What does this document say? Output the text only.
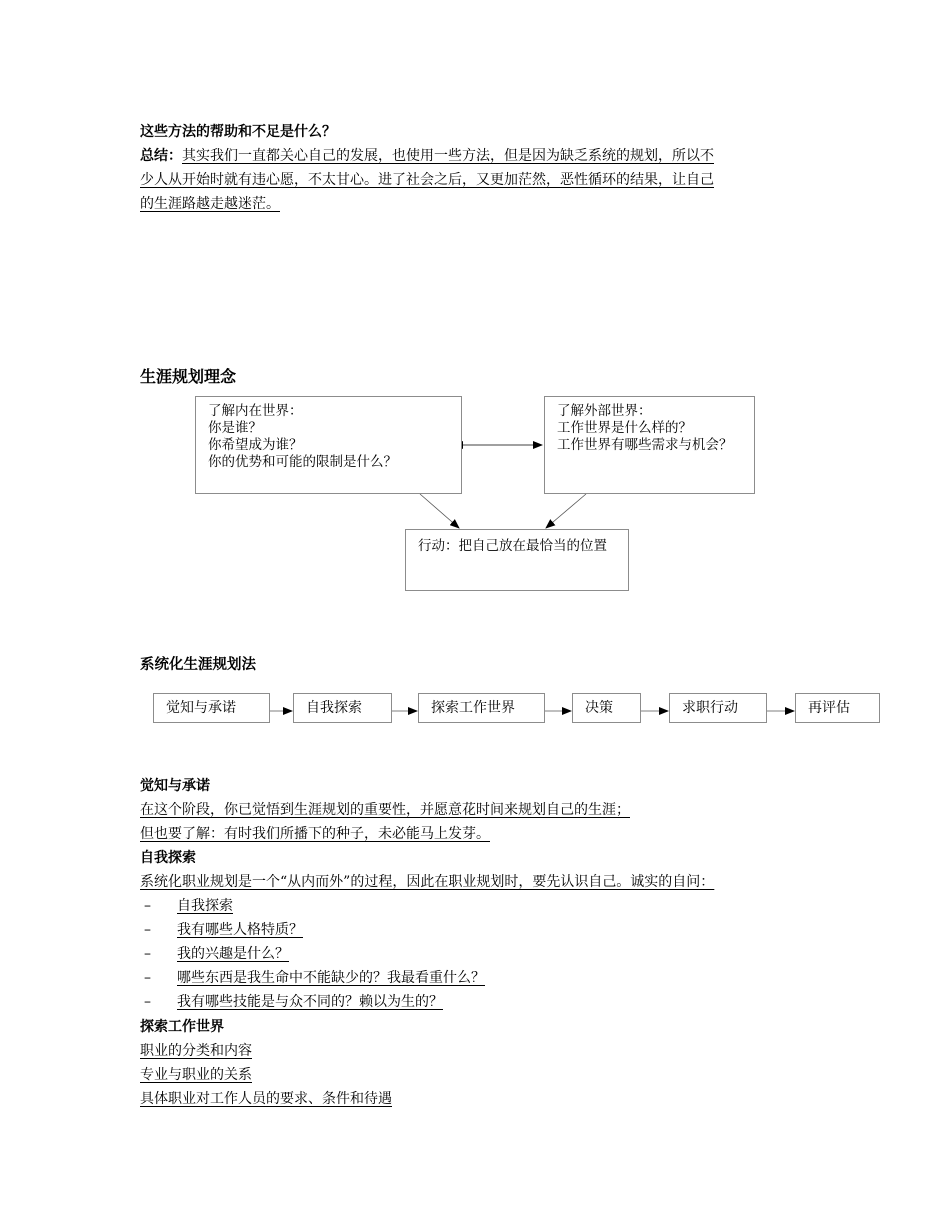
这些方法的帮助和不足是什么？
总结：其实我们一直都关心自己的发展，也使用一些方法，但是因为缺乏系统的规划，所以不
少人从开始时就有违心愿，不太甘心。进了社会之后，又更加茫然，恶性循环的结果，让自己
的生涯路越走越迷茫。
生涯规划理念
了解内在世界：
你是谁？
你希望成为谁？
你的优势和可能的限制是什么？
了解外部世界：
工作世界是什么样的？
工作世界有哪些需求与机会？
行动：把自己放在最恰当的位置
系统化生涯规划法
觉知与承诺	自我探索	探索工作世界	决策	求职行动	再评估
觉知与承诺
在这个阶段，你已觉悟到生涯规划的重要性，并愿意花时间来规划自己的生涯；
但也要了解：有时我们所播下的种子，未必能马上发芽。
自我探索
系统化职业规划是一个“从内而外”的过程，因此在职业规划时，要先认识自己。诚实的自问：
– 自我探索
– 我有哪些人格特质？
– 我的兴趣是什么？
– 哪些东西是我生命中不能缺少的？我最看重什么？
– 我有哪些技能是与众不同的？赖以为生的？
探索工作世界
职业的分类和内容
专业与职业的关系
具体职业对工作人员的要求、条件和待遇
